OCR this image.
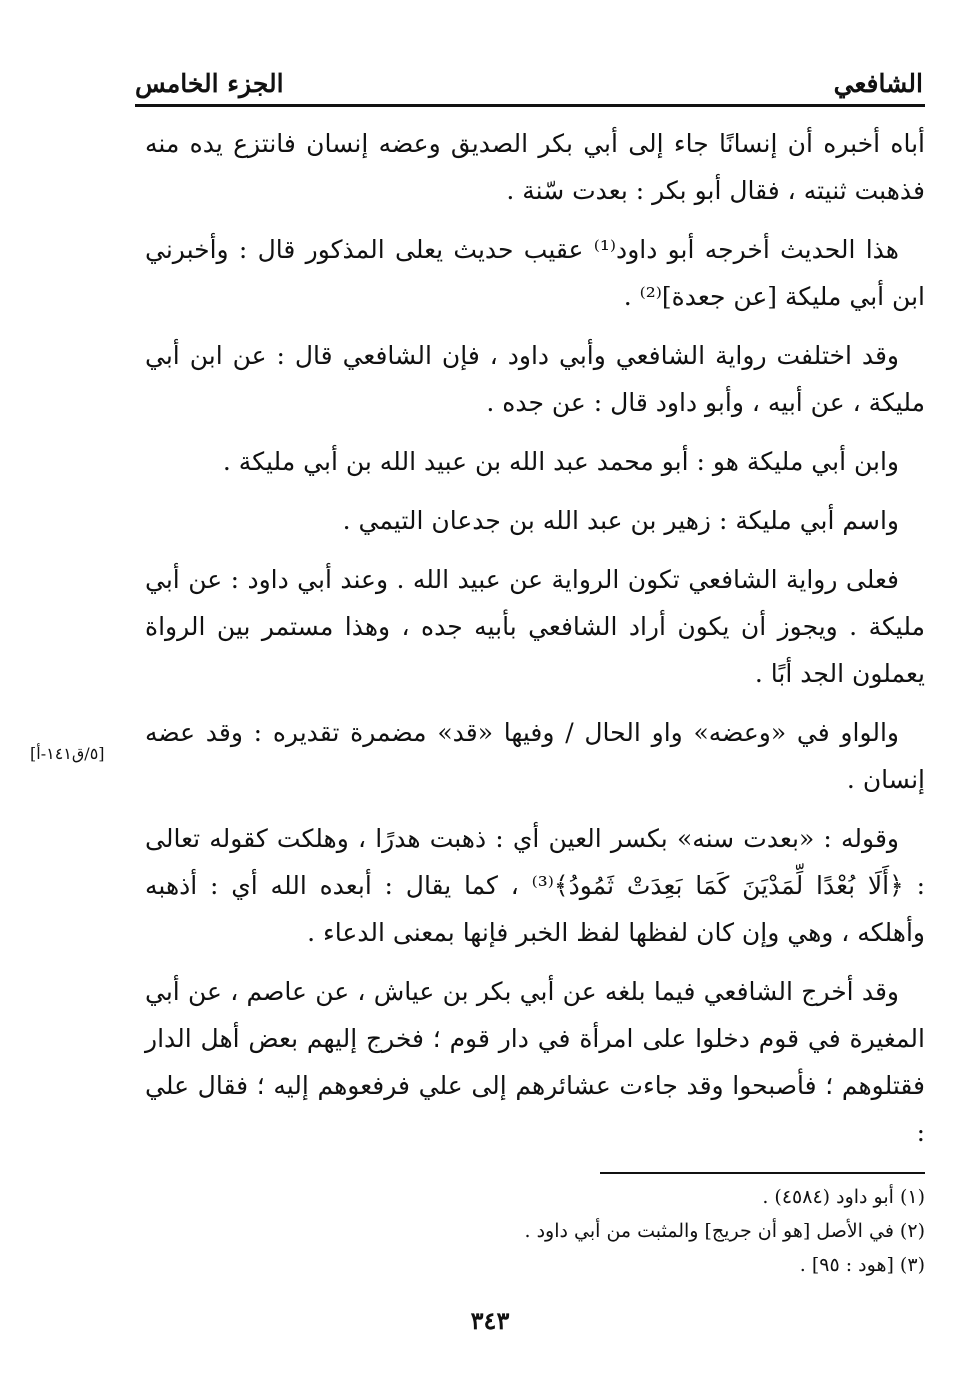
الشافعي
الجزء الخامس

أباه أخبره أن إنسانًا جاء إلى أبي بكر الصديق وعضه إنسان فانتزع يده منه فذهبت ثنيته ، فقال أبو بكر : بعدت سّنة .

هذا الحديث أخرجه أبو داود⁽¹⁾ عقيب حديث يعلى المذكور قال : وأخبرني ابن أبي مليكة [عن جعدة]⁽²⁾ .

وقد اختلفت رواية الشافعي وأبي داود ، فإن الشافعي قال : عن ابن أبي مليكة ، عن أبيه ، وأبو داود قال : عن جده .

وابن أبي مليكة هو : أبو محمد عبد الله بن عبيد الله بن أبي مليكة .

واسم أبي مليكة : زهير بن عبد الله بن جدعان التيمي .

فعلى رواية الشافعي تكون الرواية عن عبيد الله . وعند أبي داود : عن أبي مليكة . ويجوز أن يكون أراد الشافعي بأبيه جده ، وهذا مستمر بين الرواة يعملون الجد أبًا .

والواو في «وعضه» واو الحال / وفيها «قد» مضمرة تقديره : وقد عضه إنسان .

وقوله : «بعدت سنه» بكسر العين أي : ذهبت هدرًا ، وهلكت كقوله تعالى : ﴿أَلَا بُعْدًا لِّمَدْيَنَ كَمَا بَعِدَتْ ثَمُودُ﴾⁽³⁾ ، كما يقال : أبعده الله أي : أذهبه وأهلكه ، وهي وإن كان لفظها لفظ الخبر فإنها بمعنى الدعاء .

وقد أخرج الشافعي فيما بلغه عن أبي بكر بن عياش ، عن عاصم ، عن أبي المغيرة في قوم دخلوا على امرأة في دار قوم ؛ فخرج إليهم بعض أهل الدار فقتلوهم ؛ فأصبحوا وقد جاءت عشائرهم إلى علي فرفعوهم إليه ؛ فقال علي :

[٥/ق١٤١-أ]
(١) أبو داود (٤٥٨٤) .
(٢) في الأصل [هو أن جريج] والمثبت من أبي داود .
(٣) [هود : ٩٥] .
٣٤٣
